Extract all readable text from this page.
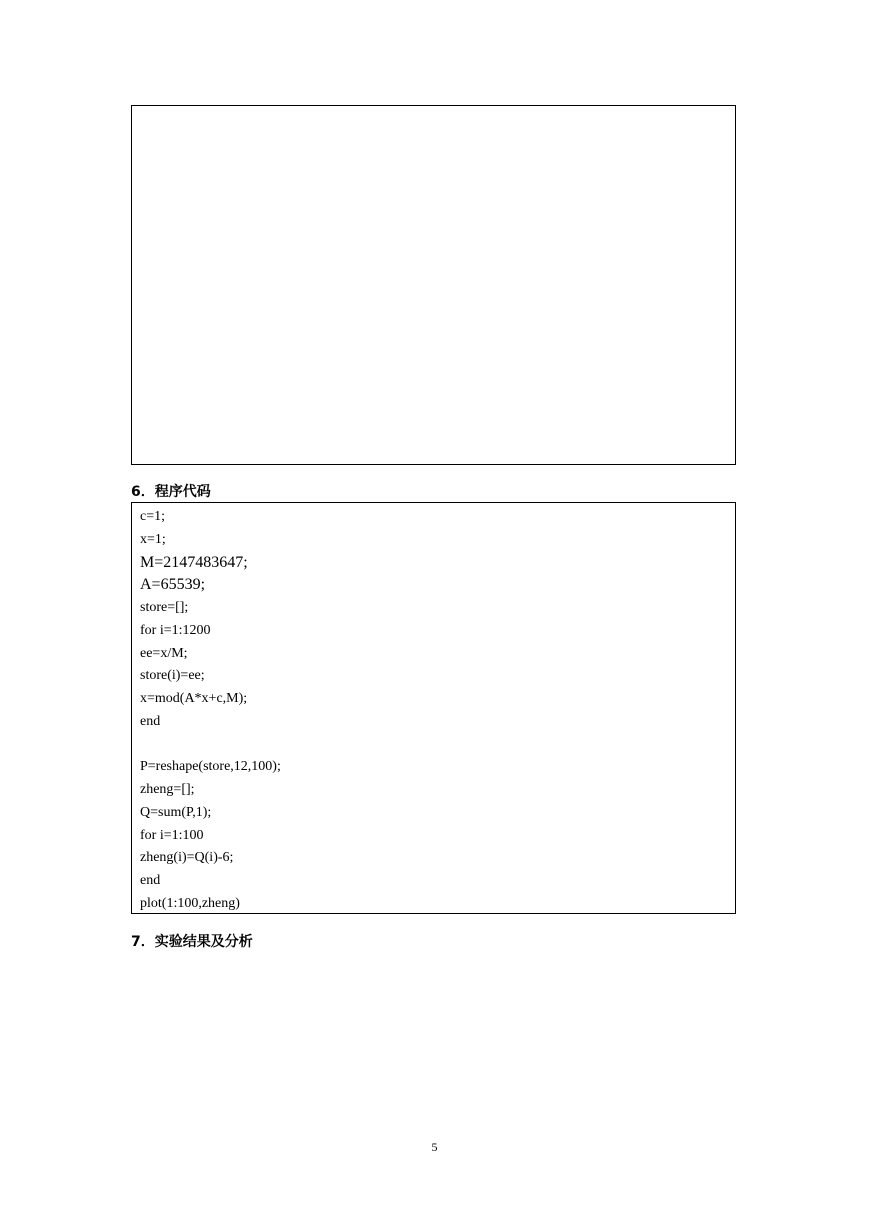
6．程序代码
c=1;
x=1;
M=2147483647;
A=65539;
store=[];
for i=1:1200
ee=x/M;
store(i)=ee;
x=mod(A*x+c,M);
end
P=reshape(store,12,100);
zheng=[];
Q=sum(P,1);
for i=1:100
zheng(i)=Q(i)-6;
end
plot(1:100,zheng)
7．实验结果及分析
5
